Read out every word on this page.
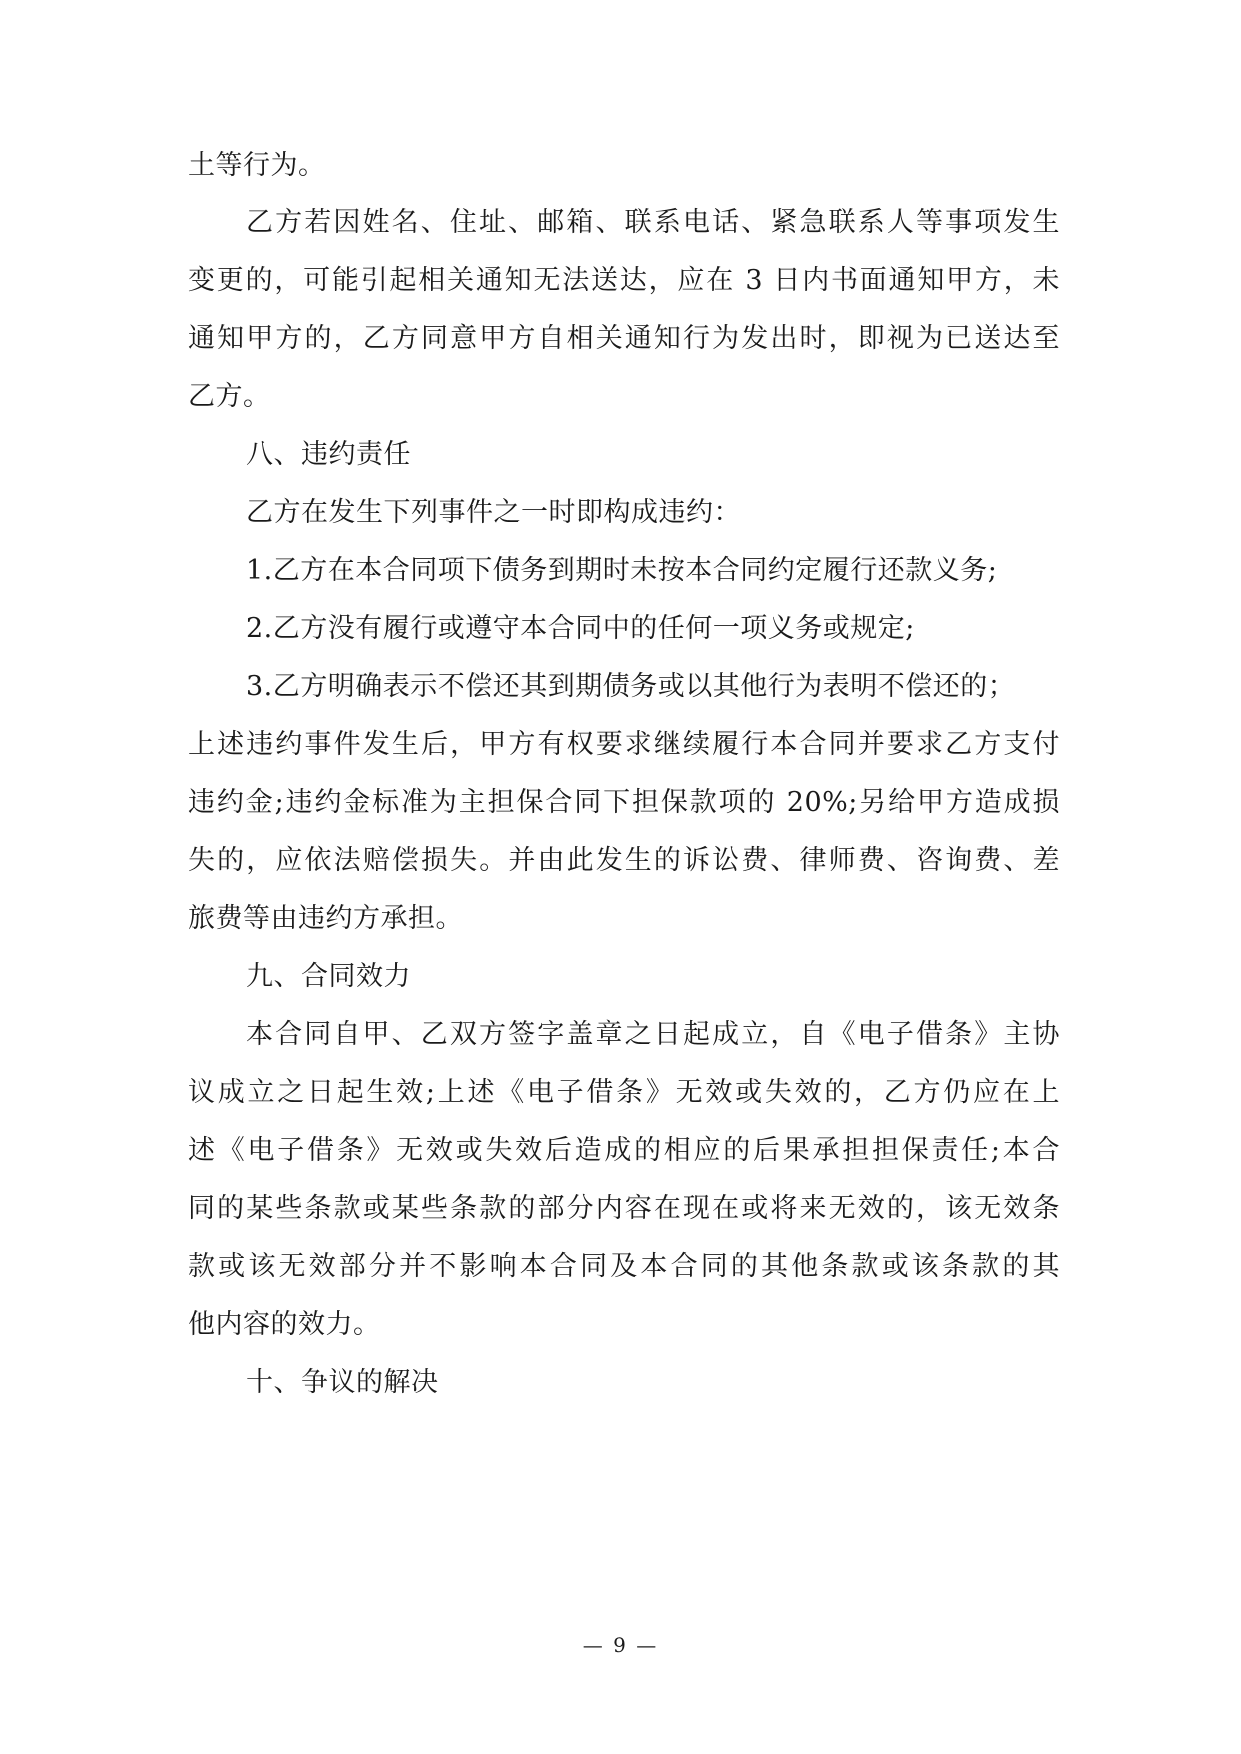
土等行为。
乙方若因姓名、住址、邮箱、联系电话、紧急联系人等事项发生
变更的，可能引起相关通知无法送达，应在 3 日内书面通知甲方，未
通知甲方的，乙方同意甲方自相关通知行为发出时，即视为已送达至
乙方。
八、违约责任
乙方在发生下列事件之一时即构成违约：
1.乙方在本合同项下债务到期时未按本合同约定履行还款义务;
2.乙方没有履行或遵守本合同中的任何一项义务或规定;
3.乙方明确表示不偿还其到期债务或以其他行为表明不偿还的；
上述违约事件发生后，甲方有权要求继续履行本合同并要求乙方支付
违约金;违约金标准为主担保合同下担保款项的 20%;另给甲方造成损
失的，应依法赔偿损失。并由此发生的诉讼费、律师费、咨询费、差
旅费等由违约方承担。
九、合同效力
本合同自甲、乙双方签字盖章之日起成立，自《电子借条》主协
议成立之日起生效;上述《电子借条》无效或失效的，乙方仍应在上
述《电子借条》无效或失效后造成的相应的后果承担担保责任;本合
同的某些条款或某些条款的部分内容在现在或将来无效的，该无效条
款或该无效部分并不影响本合同及本合同的其他条款或该条款的其
他内容的效力。
十、争议的解决
— 9 —
